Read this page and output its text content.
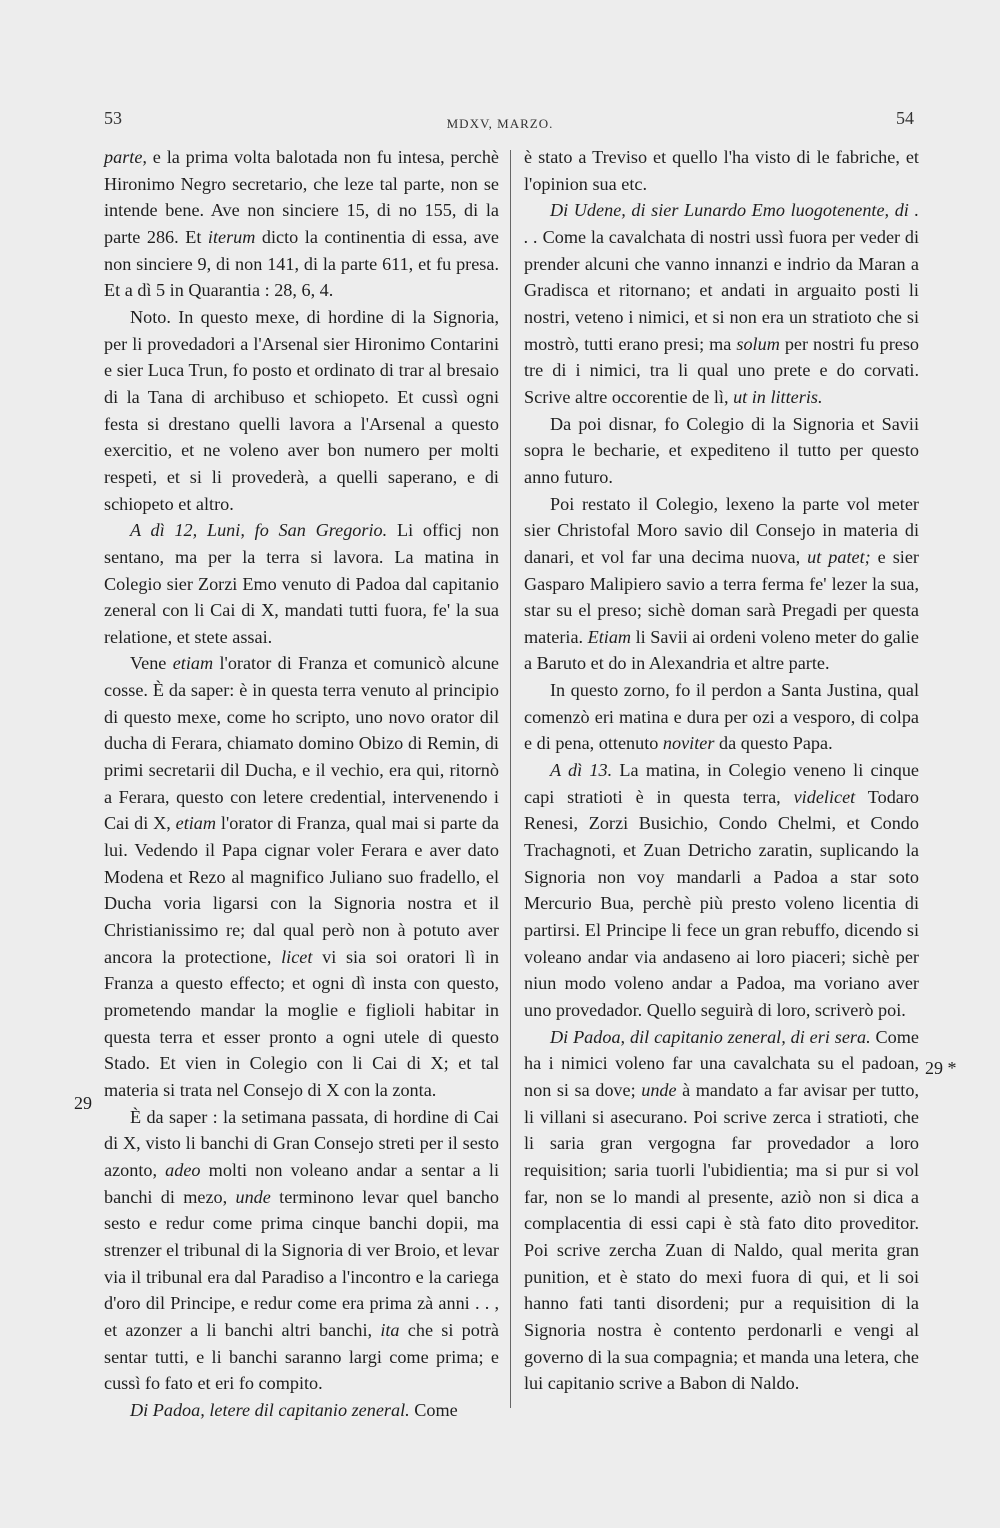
53	MDXV, MARZO.	54
29
29 *

parte, e la prima volta balotada non fu intesa, perchè Hironimo Negro secretario, che leze tal parte, non se intende bene. Ave non sinciere 15, di no 155, di la parte 286. Et iterum dicto la continentia di essa, ave non sinciere 9, di non 141, di la parte 611, et fu presa. Et a dì 5 in Quarantia : 28, 6, 4.

Noto. In questo mexe, di hordine di la Signoria, per li provedadori a l'Arsenal sier Hironimo Contarini e sier Luca Trun, fo posto et ordinato di trar al bresaio di la Tana di archibuso et schiopeto. Et cussì ogni festa si drestano quelli lavora a l'Arsenal a questo exercitio, et ne voleno aver bon numero per molti respeti, et si li provederà, a quelli saperano, e di schiopeto et altro.

A dì 12, Luni, fo San Gregorio. Li officj non sentano, ma per la terra si lavora. La matina in Colegio sier Zorzi Emo venuto di Padoa dal capitanio zeneral con li Cai di X, mandati tutti fuora, fe' la sua relatione, et stete assai.

Vene etiam l'orator di Franza et comunicò alcune cosse. È da saper: è in questa terra venuto al principio di questo mexe, come ho scripto, uno novo orator dil ducha di Ferara, chiamato domino Obizo di Remin, di primi secretarii dil Ducha, e il vechio, era qui, ritornò a Ferara, questo con letere credential, intervenendo i Cai di X, etiam l'orator di Franza, qual mai si parte da lui. Vedendo il Papa cignar voler Ferara e aver dato Modena et Rezo al magnifico Juliano suo fradello, el Ducha voria ligarsi con la Signoria nostra et il Christianissimo re; dal qual però non à potuto aver ancora la protectione, licet vi sia soi oratori lì in Franza a questo effecto; et ogni dì insta con questo, prometendo mandar la moglie e figlioli habitar in questa terra et esser pronto a ogni utele di questo Stado. Et vien in Colegio con li Cai di X; et tal materia si trata nel Consejo di X con la zonta.

È da saper : la setimana passata, di hordine di Cai di X, visto li banchi di Gran Consejo streti per il sesto azonto, adeo molti non voleano andar a sentar a li banchi di mezo, unde terminono levar quel bancho sesto e redur come prima cinque banchi dopii, ma strenzer el tribunal di la Signoria di ver Broio, et levar via il tribunal era dal Paradiso a l'incontro e la cariega d'oro dil Principe, e redur come era prima zà anni . . , et azonzer a li banchi altri banchi, ita che si potrà sentar tutti, e li banchi saranno largi come prima; e cussì fo fato et eri fo compito.

Di Padoa, letere dil capitanio zeneral. Come

è stato a Treviso et quello l'ha visto di le fabriche, et l'opinion sua etc.

Di Udene, di sier Lunardo Emo luogotenente, di . . . Come la cavalchata di nostri ussì fuora per veder di prender alcuni che vanno innanzi e indrio da Maran a Gradisca et ritornano; et andati in arguaito posti li nostri, veteno i nimici, et si non era un stratioto che si mostrò, tutti erano presi; ma solum per nostri fu preso tre di i nimici, tra li qual uno prete e do corvati. Scrive altre occorentie de lì, ut in litteris.

Da poi disnar, fo Colegio di la Signoria et Savii sopra le becharie, et expediteno il tutto per questo anno futuro.

Poi restato il Colegio, lexeno la parte vol meter sier Christofal Moro savio dil Consejo in materia di danari, et vol far una decima nuova, ut patet; e sier Gasparo Malipiero savio a terra ferma fe' lezer la sua, star su el preso; sichè doman sarà Pregadi per questa materia. Etiam li Savii ai ordeni voleno meter do galie a Baruto et do in Alexandria et altre parte.

In questo zorno, fo il perdon a Santa Justina, qual comenzò eri matina e dura per ozi a vesporo, di colpa e di pena, ottenuto noviter da questo Papa.

A dì 13. La matina, in Colegio veneno li cinque capi stratioti è in questa terra, videlicet Todaro Renesi, Zorzi Busichio, Condo Chelmi, et Condo Trachagnoti, et Zuan Detricho zaratin, suplicando la Signoria non voy mandarli a Padoa a star soto Mercurio Bua, perchè più presto voleno licentia di partirsi. El Principe li fece un gran rebuffo, dicendo si voleano andar via andaseno ai loro piaceri; sichè per niun modo voleno andar a Padoa, ma voriano aver uno provedador. Quello seguirà di loro, scriverò poi.

Di Padoa, dil capitanio zeneral, di eri sera. Come ha i nimici voleno far una cavalchata su el padoan, non si sa dove; unde à mandato a far avisar per tutto, li villani si asecurano. Poi scrive zerca i stratioti, che li saria gran vergogna far provedador a loro requisition; saria tuorli l'ubidientia; ma si pur si vol far, non se lo mandi al presente, aziò non si dica a complacentia di essi capi è stà fato dito proveditor. Poi scrive zercha Zuan di Naldo, qual merita gran punition, et è stato do mexi fuora di qui, et li soi hanno fati tanti disordeni; pur a requisition di la Signoria nostra è contento perdonarli e vengi al governo di la sua compagnia; et manda una letera, che lui capitanio scrive a Babon di Naldo.
